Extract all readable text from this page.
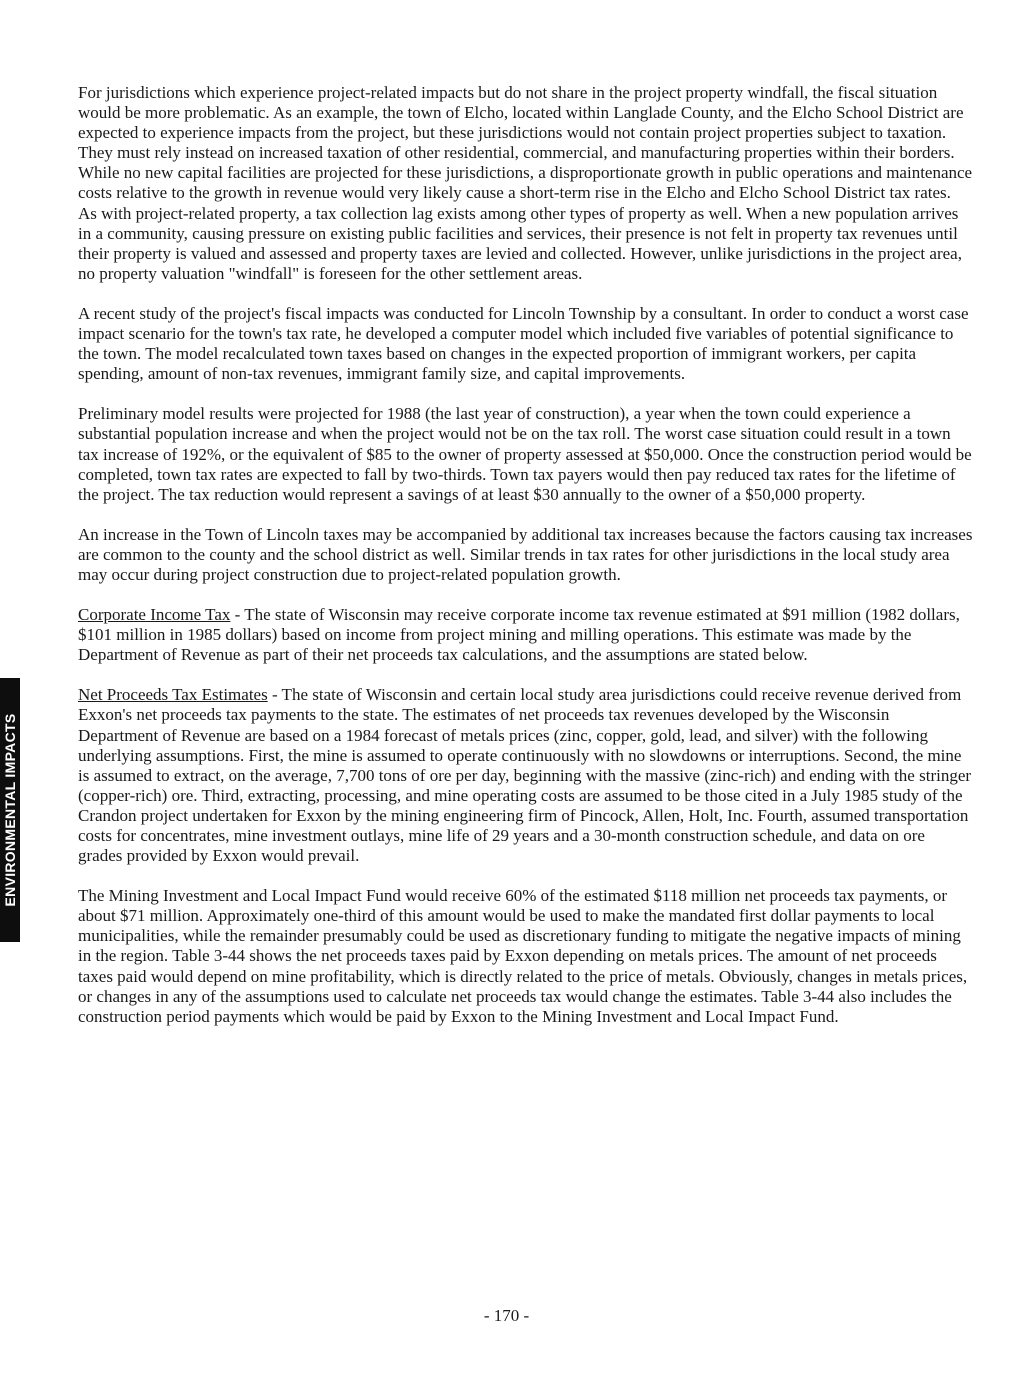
ENVIRONMENTAL IMPACTS

For jurisdictions which experience project-related impacts but do not share in the project property windfall, the fiscal situation would be more problematic. As an example, the town of Elcho, located within Langlade County, and the Elcho School District are expected to experience impacts from the project, but these jurisdictions would not contain project properties subject to taxation. They must rely instead on increased taxation of other residential, commercial, and manufacturing properties within their borders. While no new capital facilities are projected for these jurisdictions, a disproportionate growth in public operations and maintenance costs relative to the growth in revenue would very likely cause a short-term rise in the Elcho and Elcho School District tax rates. As with project-related property, a tax collection lag exists among other types of property as well. When a new population arrives in a community, causing pressure on existing public facilities and services, their presence is not felt in property tax revenues until their property is valued and assessed and property taxes are levied and collected. However, unlike jurisdictions in the project area, no property valuation "windfall" is foreseen for the other settlement areas.

A recent study of the project's fiscal impacts was conducted for Lincoln Township by a consultant. In order to conduct a worst case impact scenario for the town's tax rate, he developed a computer model which included five variables of potential significance to the town. The model recalculated town taxes based on changes in the expected proportion of immigrant workers, per capita spending, amount of non-tax revenues, immigrant family size, and capital improvements.

Preliminary model results were projected for 1988 (the last year of construction), a year when the town could experience a substantial population increase and when the project would not be on the tax roll. The worst case situation could result in a town tax increase of 192%, or the equivalent of $85 to the owner of property assessed at $50,000. Once the construction period would be completed, town tax rates are expected to fall by two-thirds. Town tax payers would then pay reduced tax rates for the lifetime of the project. The tax reduction would represent a savings of at least $30 annually to the owner of a $50,000 property.

An increase in the Town of Lincoln taxes may be accompanied by additional tax increases because the factors causing tax increases are common to the county and the school district as well. Similar trends in tax rates for other jurisdictions in the local study area may occur during project construction due to project-related population growth.

Corporate Income Tax - The state of Wisconsin may receive corporate income tax revenue estimated at $91 million (1982 dollars, $101 million in 1985 dollars) based on income from project mining and milling operations. This estimate was made by the Department of Revenue as part of their net proceeds tax calculations, and the assumptions are stated below.

Net Proceeds Tax Estimates - The state of Wisconsin and certain local study area jurisdictions could receive revenue derived from Exxon's net proceeds tax payments to the state. The estimates of net proceeds tax revenues developed by the Wisconsin Department of Revenue are based on a 1984 forecast of metals prices (zinc, copper, gold, lead, and silver) with the following underlying assumptions. First, the mine is assumed to operate continuously with no slowdowns or interruptions. Second, the mine is assumed to extract, on the average, 7,700 tons of ore per day, beginning with the massive (zinc-rich) and ending with the stringer (copper-rich) ore. Third, extracting, processing, and mine operating costs are assumed to be those cited in a July 1985 study of the Crandon project undertaken for Exxon by the mining engineering firm of Pincock, Allen, Holt, Inc. Fourth, assumed transportation costs for concentrates, mine investment outlays, mine life of 29 years and a 30-month construction schedule, and data on ore grades provided by Exxon would prevail.

The Mining Investment and Local Impact Fund would receive 60% of the estimated $118 million net proceeds tax payments, or about $71 million. Approximately one-third of this amount would be used to make the mandated first dollar payments to local municipalities, while the remainder presumably could be used as discretionary funding to mitigate the negative impacts of mining in the region. Table 3-44 shows the net proceeds taxes paid by Exxon depending on metals prices. The amount of net proceeds taxes paid would depend on mine profitability, which is directly related to the price of metals. Obviously, changes in metals prices, or changes in any of the assumptions used to calculate net proceeds tax would change the estimates. Table 3-44 also includes the construction period payments which would be paid by Exxon to the Mining Investment and Local Impact Fund.

- 170 -
